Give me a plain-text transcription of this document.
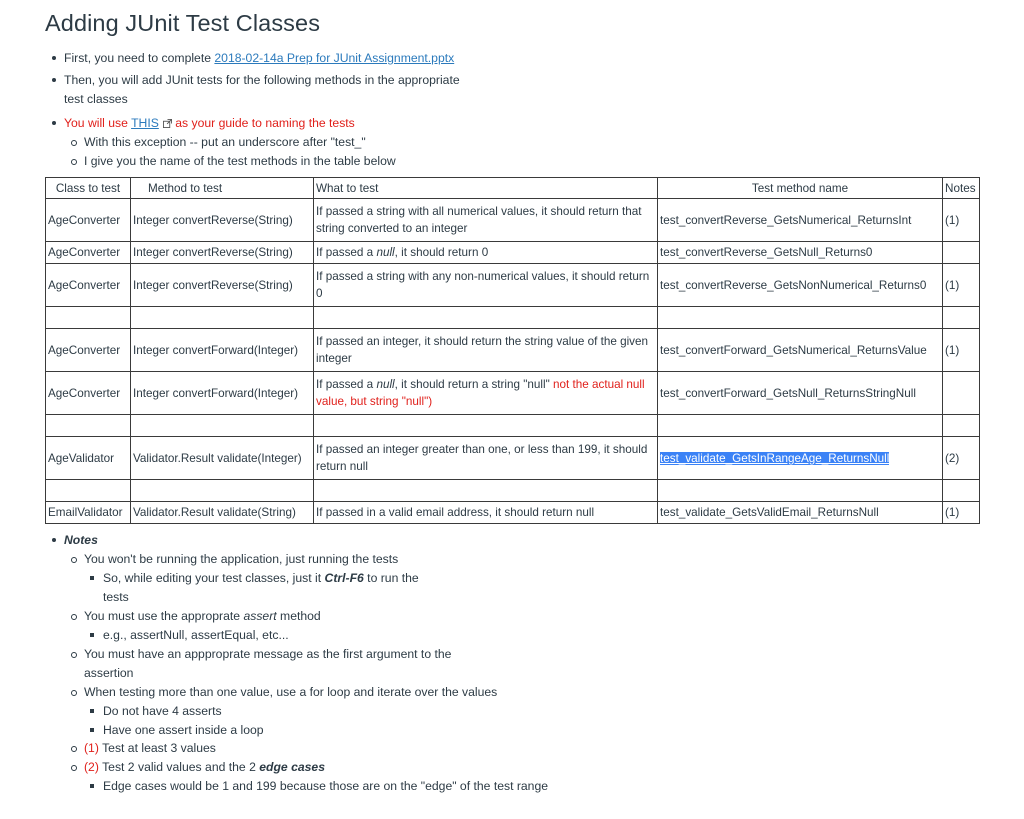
Adding JUnit Test Classes
First, you need to complete 2018-02-14a Prep for JUnit Assignment.pptx
Then, you will add JUnit tests for the following methods in the appropriate
test classes
You will use THIS as your guide to naming the tests
With this exception -- put an underscore after "test_"
I give you the name of the test methods in the table below
Class to test	Method to test	What to test	Test method name	Notes
AgeConverter	Integer convertReverse(String)	If passed a string with all numerical values, it should return that string converted to an integer	test_convertReverse_GetsNumerical_ReturnsInt	(1)
AgeConverter	Integer convertReverse(String)	If passed a null, it should return 0	test_convertReverse_GetsNull_Returns0	
AgeConverter	Integer convertReverse(String)	If passed a string with any non-numerical values, it should return 0	test_convertReverse_GetsNonNumerical_Returns0	(1)

AgeConverter	Integer convertForward(Integer)	If passed an integer, it should return the string value of the given integer	test_convertForward_GetsNumerical_ReturnsValue	(1)
AgeConverter	Integer convertForward(Integer)	If passed a null, it should return a string "null" not the actual null value, but string "null")	test_convertForward_GetsNull_ReturnsStringNull	

AgeValidator	Validator.Result validate(Integer)	If passed an integer greater than one, or less than 199, it should return null	test_validate_GetsInRangeAge_ReturnsNull	(2)

EmailValidator	Validator.Result validate(String)	If passed in a valid email address, it should return null	test_validate_GetsValidEmail_ReturnsNull	(1)
Notes
You won't be running the application, just running the tests
So, while editing your test classes, just it Ctrl-F6 to run the
tests
You must use the approprate assert method
e.g., assertNull, assertEqual, etc...
You must have an appproprate message as the first argument to the
assertion
When testing more than one value, use a for loop and iterate over the values
Do not have 4 asserts
Have one assert inside a loop
(1) Test at least 3 values
(2) Test 2 valid values and the 2 edge cases
Edge cases would be 1 and 199 because those are on the "edge" of the test range
